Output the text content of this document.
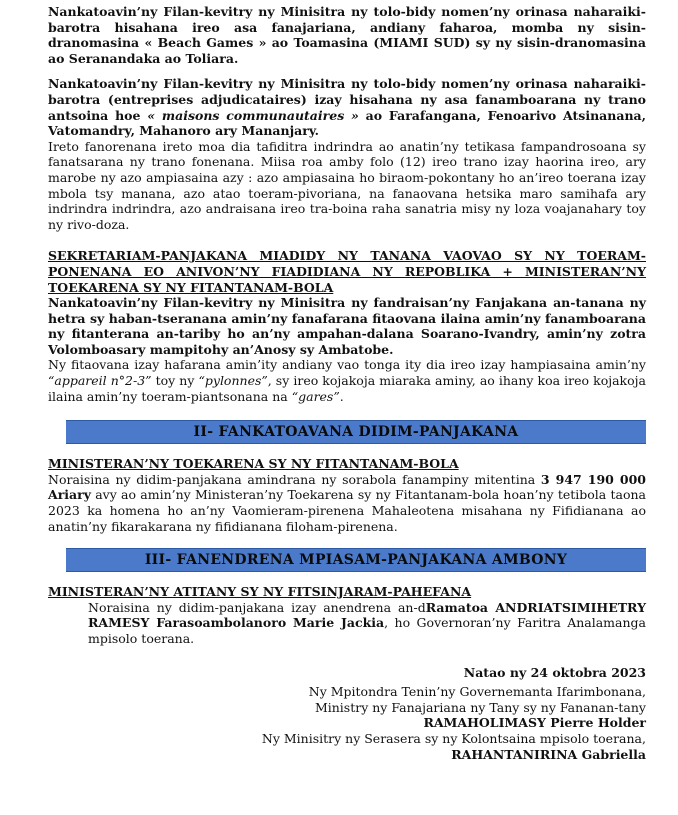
Nankatoavin’ny Filan-kevitry ny Minisitra ny tolo-bidy nomen’ny orinasa naharaiki-barotra hisahana ireo asa fanajariana, andiany faharoa, momba ny sisin-dranomasina « Beach Games » ao Toamasina (MIAMI SUD) sy ny sisin-dranomasina ao Seranandaka ao Toliara.

Nankatoavin’ny Filan-kevitry ny Minisitra ny tolo-bidy nomen’ny orinasa naharaiki-barotra (entreprises adjudicataires) izay hisahana ny asa fanamboarana ny trano antsoina hoe « maisons communautaires » ao Farafangana, Fenoarivo Atsinanana, Vatomandry, Mahanoro ary Mananjary.

Ireto fanorenana ireto moa dia tafiditra indrindra ao anatin’ny tetikasa fampandrosoana sy fanatsarana ny trano fonenana. Miisa roa amby folo (12) ireo trano izay haorina ireo, ary marobe ny azo ampiasaina azy : azo ampiasaina ho biraom-pokontany ho an’ireo toerana izay mbola tsy manana, azo atao toeram-pivoriana, na fanaovana hetsika maro samihafa ary indrindra indrindra, azo andraisana ireo tra-boina raha sanatria misy ny loza voajanahary toy ny rivo-doza.

SEKRETARIAM-PANJAKANA MIADIDY NY TANANA VAOVAO SY NY TOERAM-PONENANA EO ANIVON’NY FIADIDIANA NY REPOBLIKA + MINISTERAN’NY TOEKARENA SY NY FITANTANAM-BOLA

Nankatoavin’ny Filan-kevitry ny Minisitra ny fandraisan’ny Fanjakana an-tanana ny hetra sy haban-tseranana amin’ny fanafarana fitaovana ilaina amin’ny fanamboarana ny fitanterana an-tariby ho an’ny ampahan-dalana Soarano-Ivandry, amin’ny zotra Volomboasary mampitohy an’Anosy sy Ambatobe.

Ny fitaovana izay hafarana amin’ity andiany vao tonga ity dia ireo izay hampiasaina amin’ny “appareil n°2-3” toy ny “pylonnes”, sy ireo kojakoja miaraka aminy, ao ihany koa ireo kojakoja ilaina amin’ny toeram-piantsonana na “gares”.

II- FANKATOAVANA DIDIM-PANJAKANA

MINISTERAN’NY TOEKARENA SY NY FITANTANAM-BOLA

Noraisina ny didim-panjakana amindrana ny sorabola fanampiny mitentina 3 947 190 000 Ariary avy ao amin’ny Ministeran’ny Toekarena sy ny Fitantanam-bola hoan’ny tetibola taona 2023 ka homena ho an’ny Vaomieram-pirenena Mahaleotena misahana ny Fifidianana ao anatin’ny fikarakarana ny fifidianana filoham-pirenena.

III- FANENDRENA MPIASAM-PANJAKANA AMBONY

MINISTERAN’NY ATITANY SY NY FITSINJARAM-PAHEFANA

Noraisina ny didim-panjakana izay anendrena an-dRamatoa ANDRIATSIMIHETRY RAMESY Farasoambolanoro Marie Jackia, ho Governoran’ny Faritra Analamanga mpisolo toerana.

Natao ny 24 oktobra 2023
Ny Mpitondra Tenin’ny Governemanta Ifarimbonana,
Ministry ny Fanajariana ny Tany sy ny Fananan-tany
RAMAHOLIMASY Pierre Holder
Ny Minisitry ny Serasera sy ny Kolontsaina mpisolo toerana,
RAHANTANIRINA Gabriella
